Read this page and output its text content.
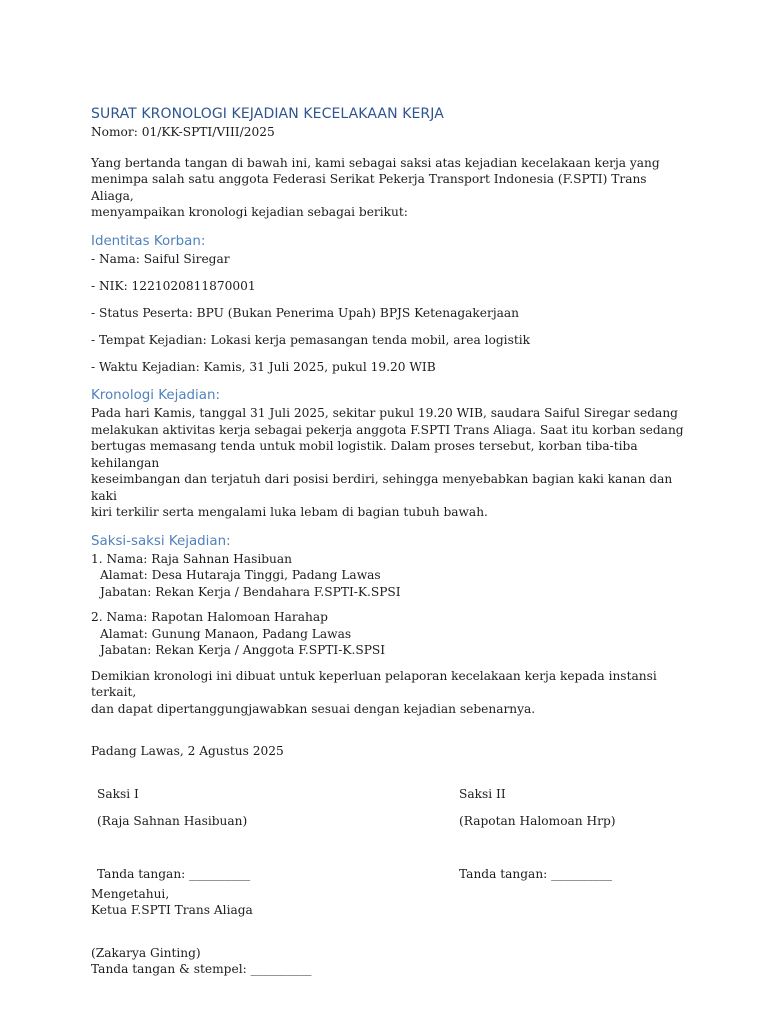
SURAT KRONOLOGI KEJADIAN KECELAKAAN KERJA

Nomor: 01/KK-SPTI/VIII/2025

Yang bertanda tangan di bawah ini, kami sebagai saksi atas kejadian kecelakaan kerja yang

menimpa salah satu anggota Federasi Serikat Pekerja Transport Indonesia (F.SPTI) Trans Aliaga,

menyampaikan kronologi kejadian sebagai berikut:

Identitas Korban:

- Nama: Saiful Siregar

- NIK: 1221020811870001

- Status Peserta: BPU (Bukan Penerima Upah) BPJS Ketenagakerjaan

- Tempat Kejadian: Lokasi kerja pemasangan tenda mobil, area logistik

- Waktu Kejadian: Kamis, 31 Juli 2025, pukul 19.20 WIB

Kronologi Kejadian:

Pada hari Kamis, tanggal 31 Juli 2025, sekitar pukul 19.20 WIB, saudara Saiful Siregar sedang

melakukan aktivitas kerja sebagai pekerja anggota F.SPTI Trans Aliaga. Saat itu korban sedang

bertugas memasang tenda untuk mobil logistik. Dalam proses tersebut, korban tiba-tiba kehilangan

keseimbangan dan terjatuh dari posisi berdiri, sehingga menyebabkan bagian kaki kanan dan kaki

kiri terkilir serta mengalami luka lebam di bagian tubuh bawah.

Saksi-saksi Kejadian:

1. Nama: Raja Sahnan Hasibuan

Alamat: Desa Hutaraja Tinggi, Padang Lawas

Jabatan: Rekan Kerja / Bendahara F.SPTI-K.SPSI

2. Nama: Rapotan Halomoan Harahap

Alamat: Gunung Manaon, Padang Lawas

Jabatan: Rekan Kerja / Anggota F.SPTI-K.SPSI

Demikian kronologi ini dibuat untuk keperluan pelaporan kecelakaan kerja kepada instansi terkait,

dan dapat dipertanggungjawabkan sesuai dengan kejadian sebenarnya.

Padang Lawas, 2 Agustus 2025

Saksi I

(Raja Sahnan Hasibuan)

Tanda tangan: __________

Saksi II

(Rapotan Halomoan Hrp)

Tanda tangan: __________

Mengetahui,

Ketua F.SPTI Trans Aliaga

(Zakarya Ginting)

Tanda tangan & stempel: __________
